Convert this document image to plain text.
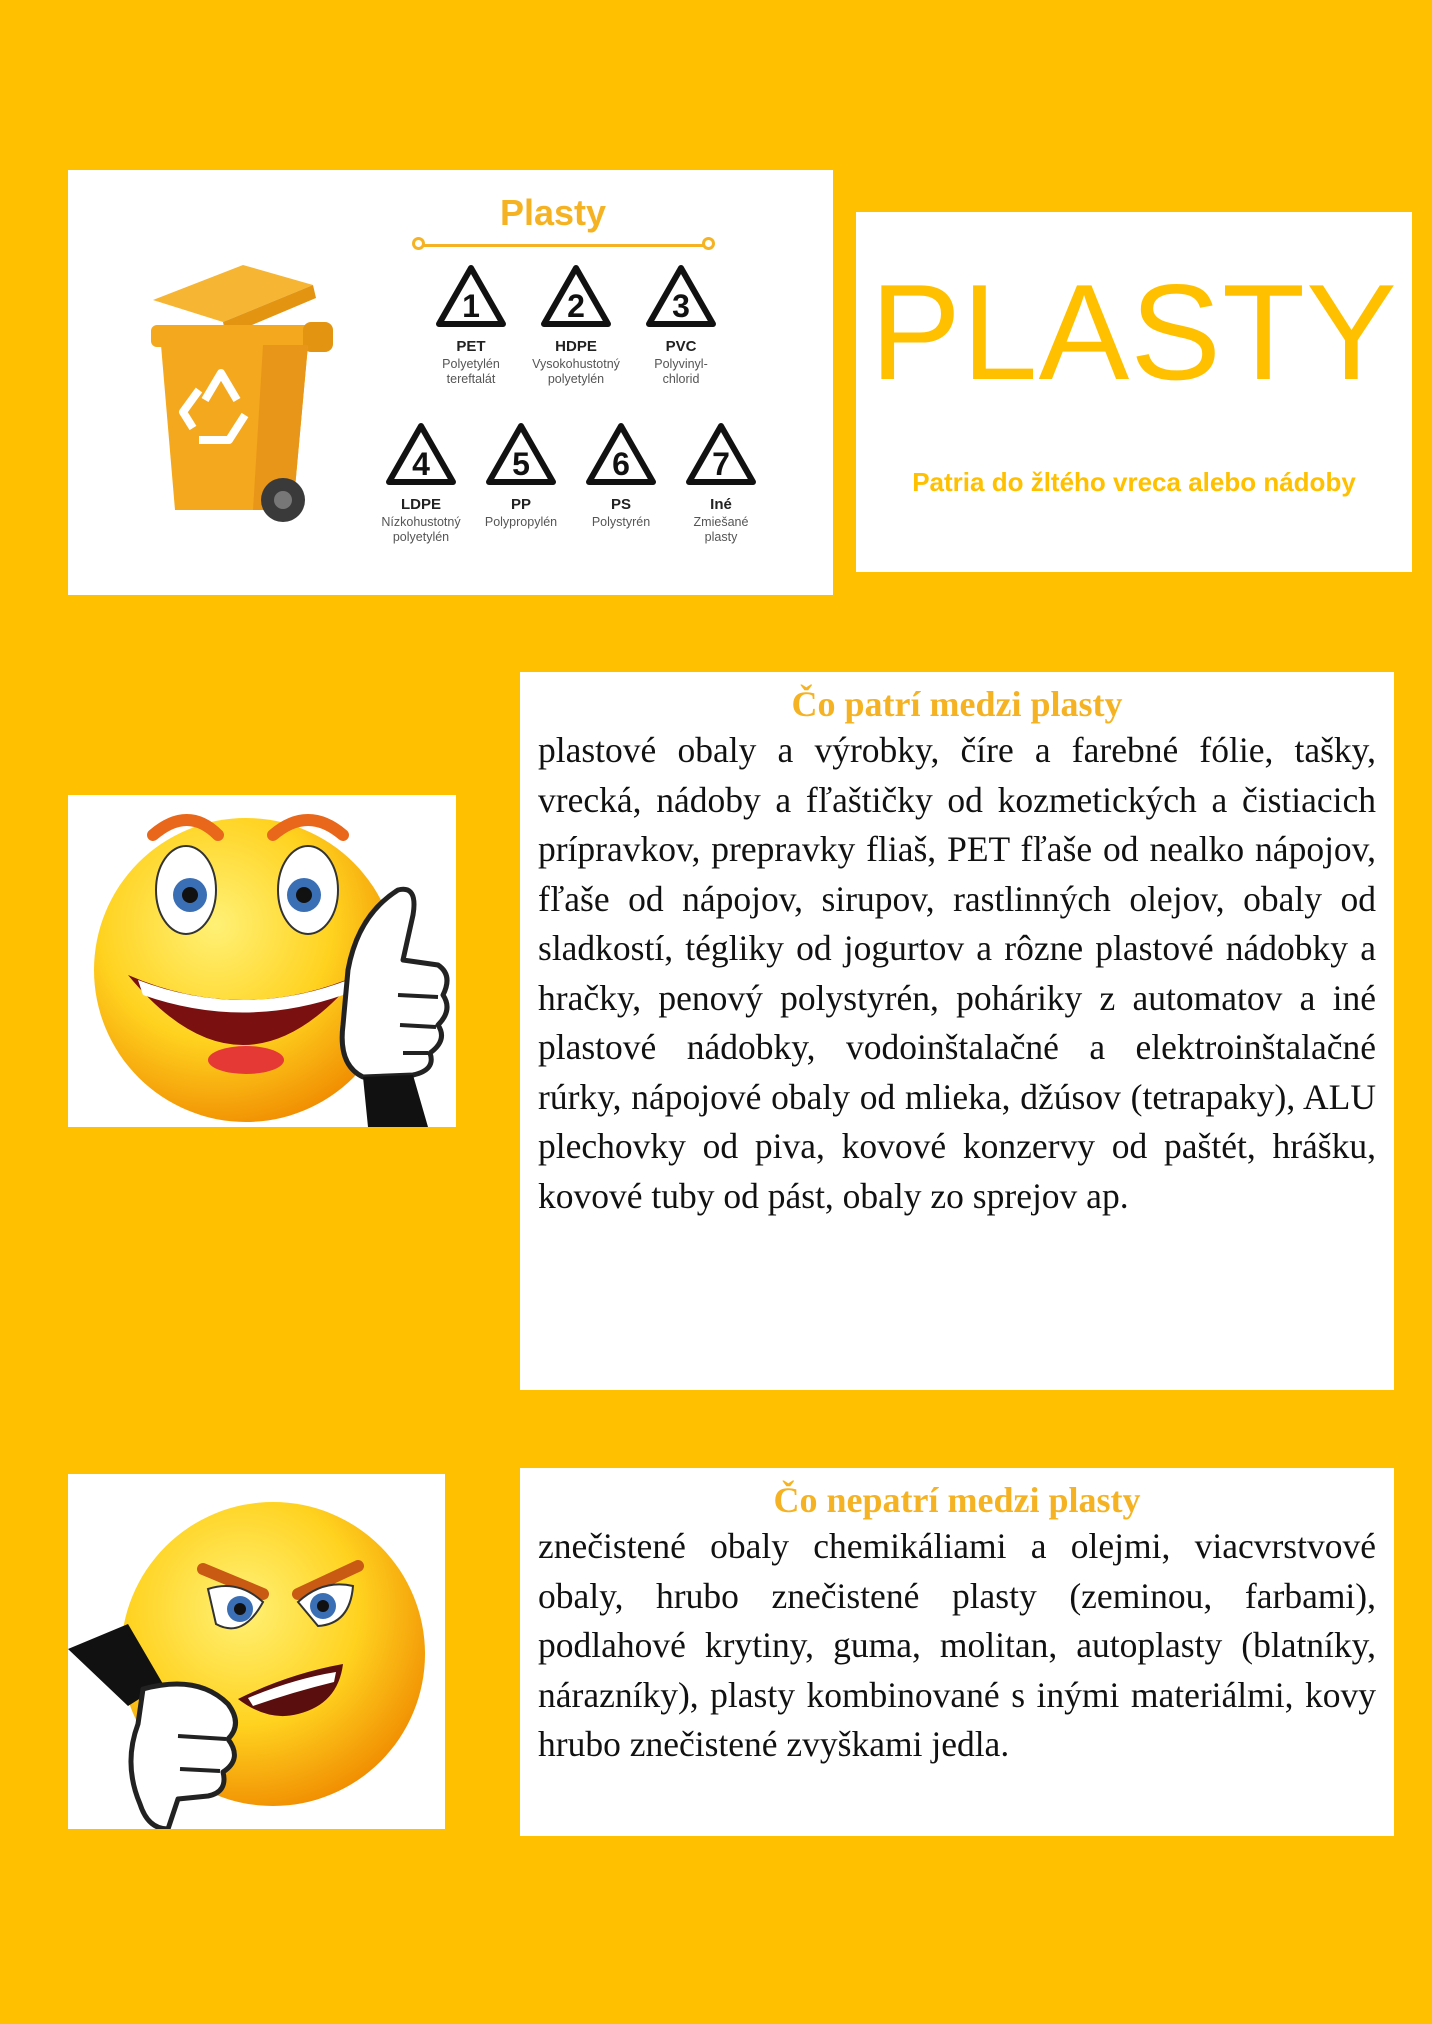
Plasty
1
PET
Polyetylén
tereftalát
2
HDPE
Vysokohustotný
polyetylén
3
PVC
Polyvinyl-
chlorid
4
LDPE
Nízkohustotný
polyetylén
5
PP
Polypropylén
6
PS
Polystyrén
7
Iné
Zmiešané
plasty
PLASTY
Patria do žltého vreca alebo nádoby
Čo patrí medzi plasty
plastové obaly a výrobky, číre a farebné fólie, tašky, vrecká, nádoby a fľaštičky od kozmetických a čistiacich prípravkov, prepravky fliaš, PET fľaše od nealko nápojov, fľaše od nápojov, sirupov, rastlinných olejov, obaly od sladkostí, tégliky od jogurtov a rôzne plastové nádobky a hračky, penový polystyrén, poháriky z automatov a iné plastové nádobky, vodoinštalačné a elektroinštalačné rúrky, nápojové obaly od mlieka, džúsov (tetrapaky), ALU plechovky od piva, kovové konzervy od paštét, hrášku, kovové tuby od pást, obaly zo sprejov ap.
Čo nepatrí medzi plasty
znečistené obaly chemikáliami a olejmi, viacvrstvové obaly, hrubo znečistené plasty (zeminou, farbami), podlahové krytiny, guma, molitan, autoplasty (blatníky, nárazníky), plasty kombinované s inými materiálmi, kovy hrubo znečistené zvyškami jedla.
